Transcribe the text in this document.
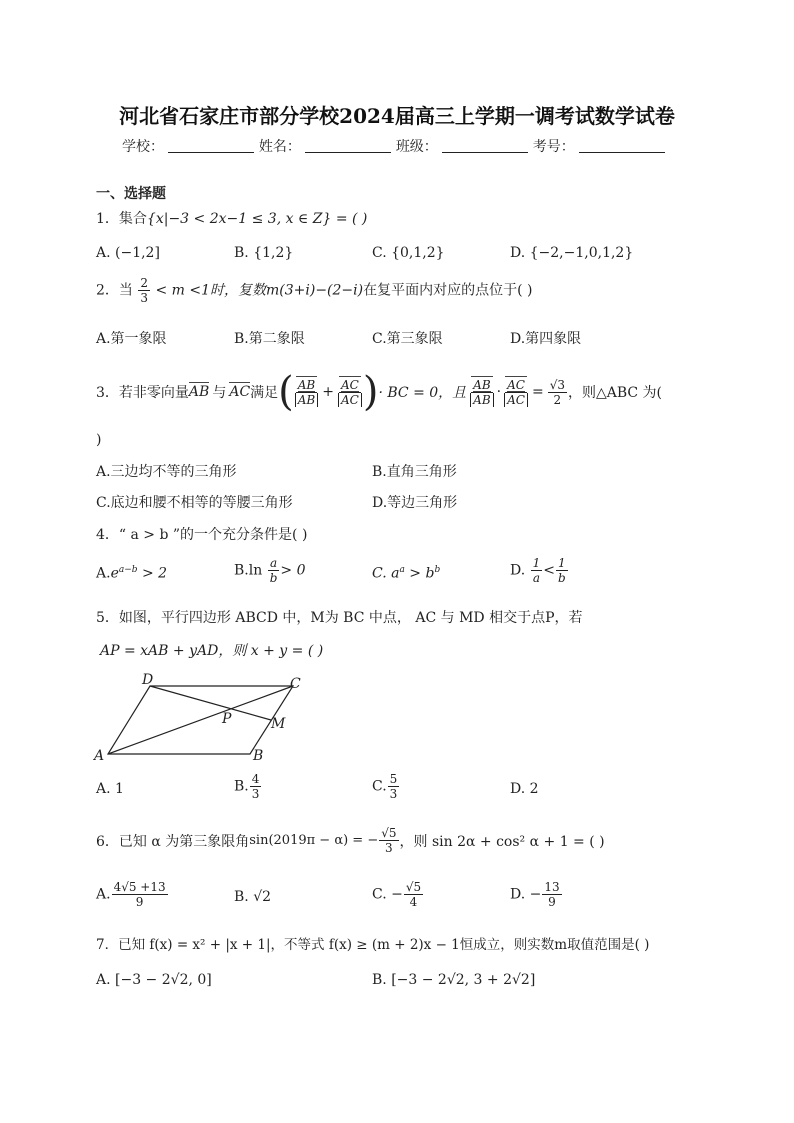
河北省石家庄市部分学校2024届高三上学期一调考试数学试卷
学校：	姓名：	班级：	考号：
一、选择题
1．集合{x|−3 < 2x−1 ≤ 3, x ∈ Z} = ( )
A. (−1,2]	B. {1,2}	C. {0,1,2}	D. {−2,−1,0,1,2}
2．当 $\frac{2}{3} < m <1$时，复数m(3+i)−(2−i)在复平面内对应的点位于( )
A.第一象限	B.第二象限	C.第三象限	D.第四象限
3．若非零向量 AB 与 AC 满足 ( $\frac{AB}{AB} + \frac{AC}{AC}$ ) · BC = 0，且 $\frac{AB}{AB} \cdot \frac{AC}{AC} = \frac{√3}{2}$ ，则△ABC 为(
)
A.三边均不等的三角形	B.直角三角形
C.底边和腰不相等的等腰三角形	D.等边三角形
4．“ a > b ”的一个充分条件是( )
$A.e^{a-b} > 2$	$B.\ln \frac{a}{b} > 0$	C. $a^a > b^b$	D. $\frac{1}{a} < \frac{1}{b}$
5．如图，平行四边形 ABCD 中，M为 BC 中点， AC 与 MD 相交于点P，若
AP = xAB + yAD，则 x + y = ( )
A	B
C
D
P	M
A. 1	B. $\frac{4}{3}$	C. $\frac{5}{3}$	D. 2
6．已知 α 为第三象限角 sin(2019π − α) = − $\frac{√5}{3}$ ，则 sin 2α + cos² α + 1 = ( )
A. $\frac{4√5 +13}{9}$	B. √2	C. − $\frac{√5}{4}$	D. − $\frac{13}{9}$
7．已知 f(x) = x² + |x + 1|，不等式 f(x) ≥ (m + 2)x − 1恒成立，则实数m取值范围是( )
A. [−3 − 2√2, 0]	B. [−3 − 2√2, 3 + 2√2]
